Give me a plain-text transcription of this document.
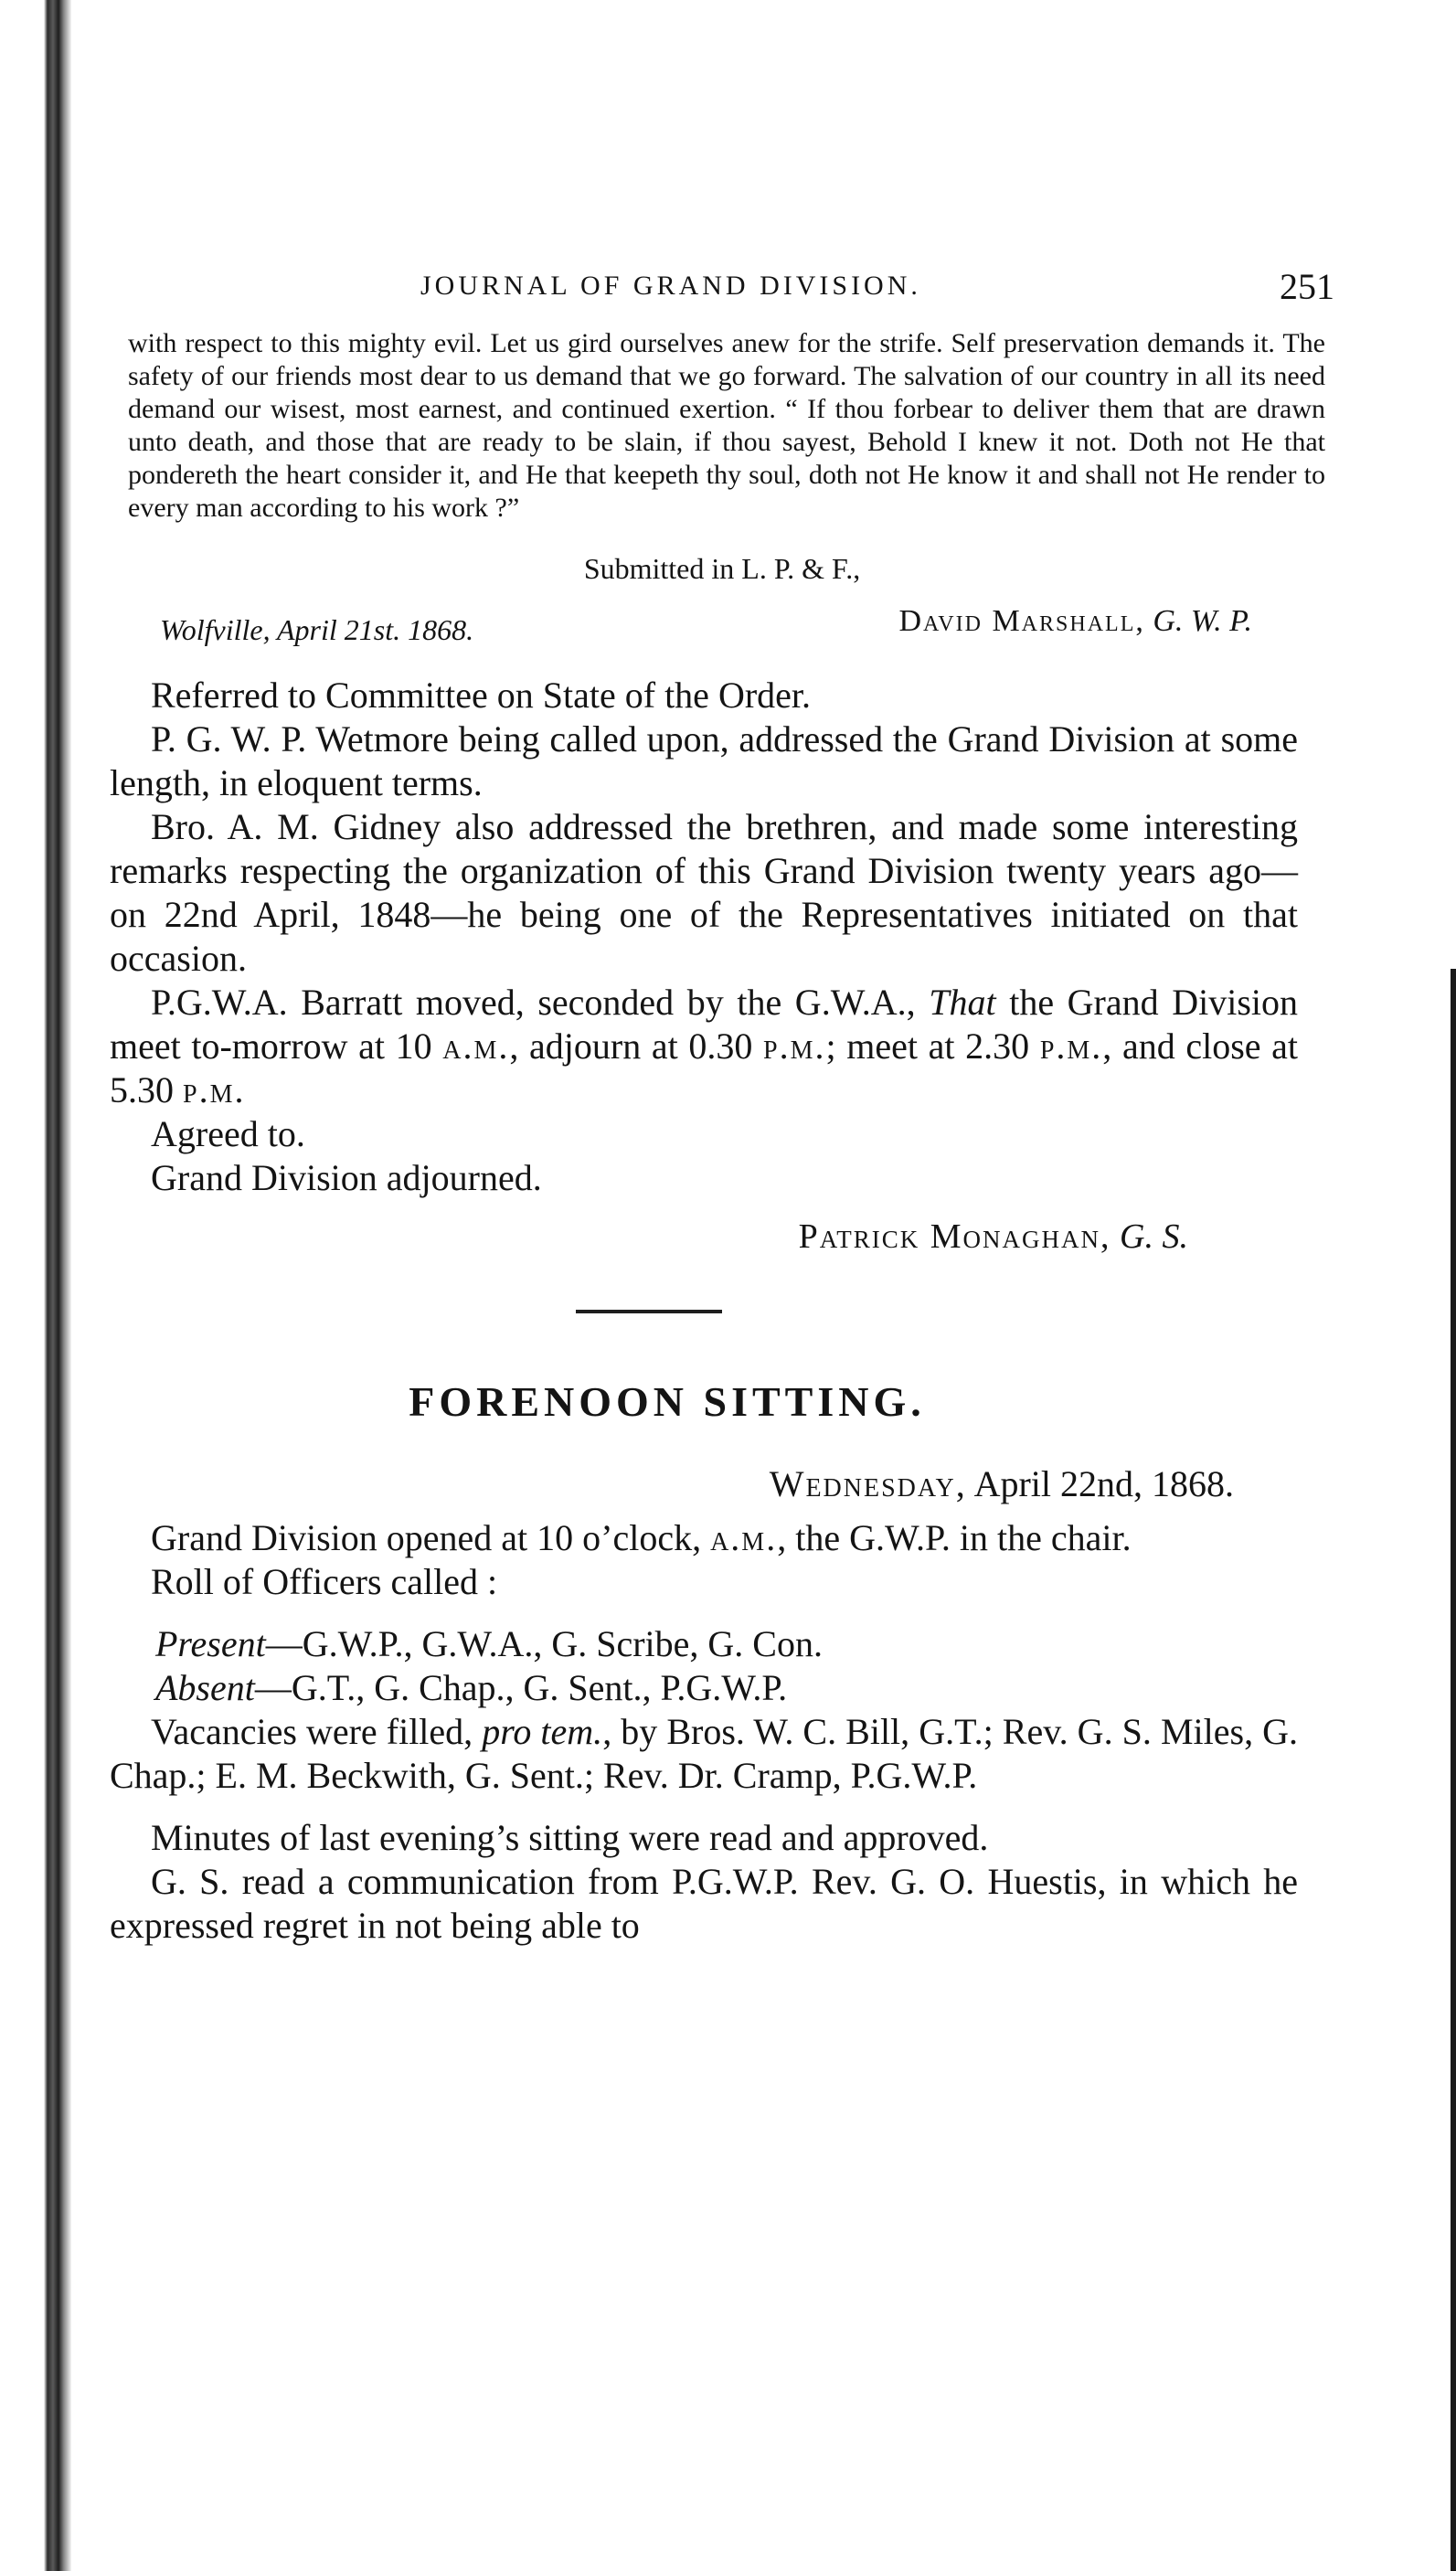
JOURNAL OF GRAND DIVISION.	251

with respect to this mighty evil. Let us gird ourselves anew for the strife. Self preservation demands it. The safety of our friends most dear to us demand that we go forward. The salvation of our country in all its need demand our wisest, most earnest, and continued exertion. “ If thou forbear to deliver them that are drawn unto death, and those that are ready to be slain, if thou sayest, Behold I knew it not. Doth not He that pondereth the heart consider it, and He that keepeth thy soul, doth not He know it and shall not He render to every man according to his work ?”

Submitted in L. P. & F.,

Wolfville, April 21st. 1868.	David Marshall, G. W. P.

Referred to Committee on State of the Order.

P. G. W. P. Wetmore being called upon, addressed the Grand Division at some length, in eloquent terms.

Bro. A. M. Gidney also addressed the brethren, and made some interesting remarks respecting the organization of this Grand Division twenty years ago—on 22nd April, 1848—he being one of the Representatives initiated on that occasion.

P.G.W.A. Barratt moved, seconded by the G.W.A., That the Grand Division meet to-morrow at 10 a.m., adjourn at 0.30 p.m.; meet at 2.30 p.m., and close at 5.30 p.m.

Agreed to.

Grand Division adjourned.

Patrick Monaghan, G. S.

FORENOON SITTING.

Wednesday, April 22nd, 1868.

Grand Division opened at 10 o’clock, a.m., the G.W.P. in the chair.

Roll of Officers called :

Present—G.W.P., G.W.A., G. Scribe, G. Con.

Absent—G.T., G. Chap., G. Sent., P.G.W.P.

Vacancies were filled, pro tem., by Bros. W. C. Bill, G.T.; Rev. G. S. Miles, G. Chap.; E. M. Beckwith, G. Sent.; Rev. Dr. Cramp, P.G.W.P.

Minutes of last evening’s sitting were read and approved.

G. S. read a communication from P.G.W.P. Rev. G. O. Huestis, in which he expressed regret in not being able to
